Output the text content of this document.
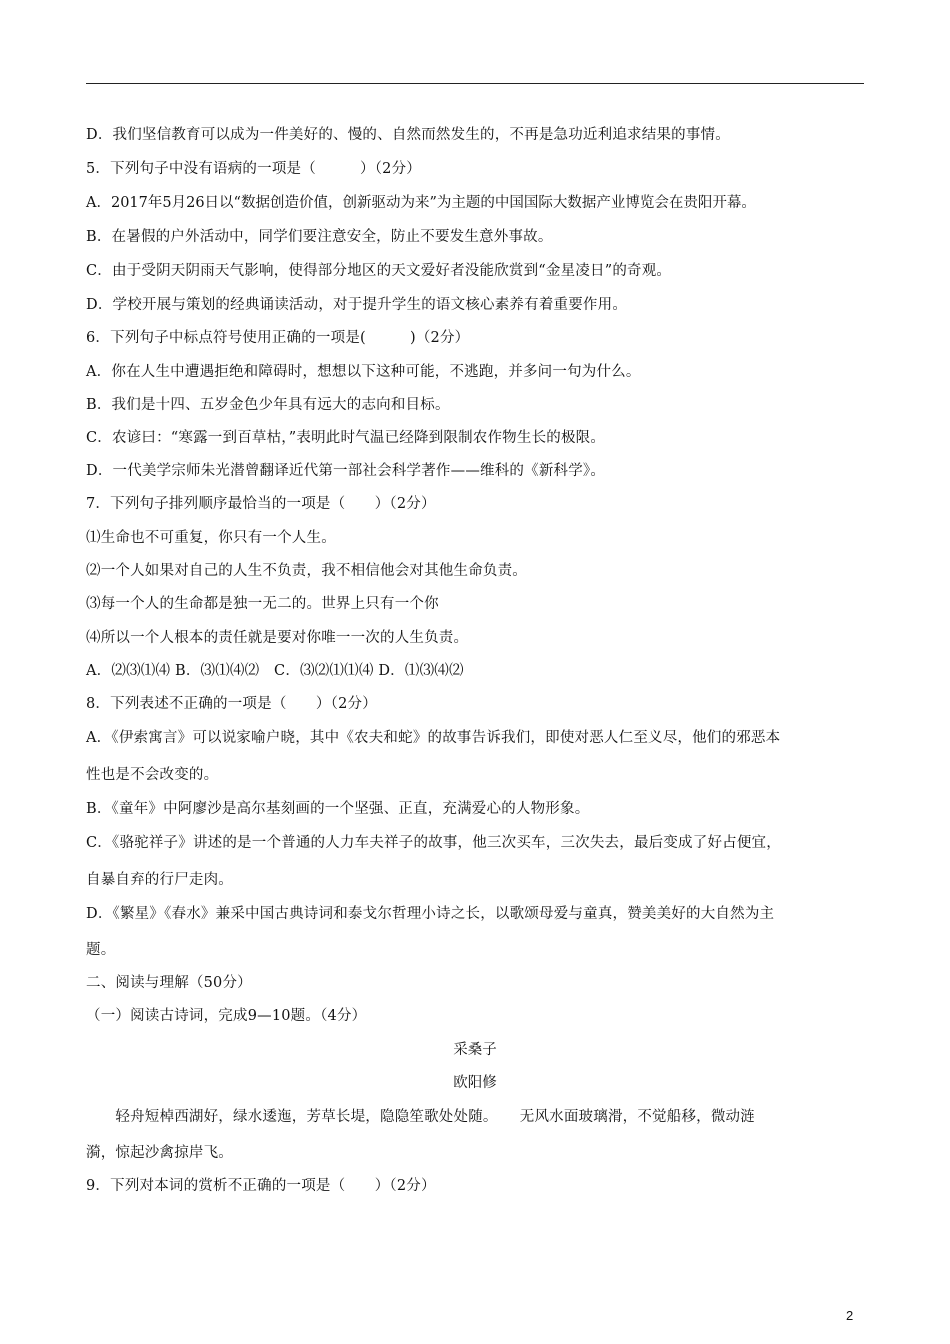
D．我们坚信教育可以成为一件美好的、慢的、自然而然发生的，不再是急功近利追求结果的事情。
5．下列句子中没有语病的一项是（　　　）（2分）
A．2017年5月26日以“数据创造价值，创新驱动为来”为主题的中国国际大数据产业博览会在贵阳开幕。
B．在暑假的户外活动中，同学们要注意安全，防止不要发生意外事故。
C．由于受阴天阴雨天气影响，使得部分地区的天文爱好者没能欣赏到“金星凌日”的奇观。
D．学校开展与策划的经典诵读活动，对于提升学生的语文核心素养有着重要作用。
6．下列句子中标点符号使用正确的一项是(　　　)（2分）
A．你在人生中遭遇拒绝和障碍时，想想以下这种可能，不逃跑，并多问一句为什么。
B．我们是十四、五岁金色少年具有远大的志向和目标。
C．农谚曰：“寒露一到百草枯，”表明此时气温已经降到限制农作物生长的极限。
D．一代美学宗师朱光潜曾翻译近代第一部社会科学著作——维科的《新科学》。
7．下列句子排列顺序最恰当的一项是（　　）（2分）
⑴生命也不可重复，你只有一个人生。
⑵一个人如果对自己的人生不负责，我不相信他会对其他生命负责。
⑶每一个人的生命都是独一无二的。世界上只有一个你
⑷所以一个人根本的责任就是要对你唯一一次的人生负责。
A．⑵⑶⑴⑷ B．⑶⑴⑷⑵　C．⑶⑵⑴⑴⑷ D．⑴⑶⑷⑵
8．下列表述不正确的一项是（　　）（2分）
A．《伊索寓言》可以说家喻户晓，其中《农夫和蛇》的故事告诉我们，即使对恶人仁至义尽，他们的邪恶本
性也是不会改变的。
B．《童年》中阿廖沙是高尔基刻画的一个坚强、正直，充满爱心的人物形象。
C．《骆驼祥子》讲述的是一个普通的人力车夫祥子的故事，他三次买车，三次失去，最后变成了好占便宜，
自暴自弃的行尸走肉。
D．《繁星》《春水》兼采中国古典诗词和泰戈尔哲理小诗之长，以歌颂母爱与童真，赞美美好的大自然为主
题。
二、阅读与理解（50分）
（一）阅读古诗词，完成9—10题。（4分）
采桑子
欧阳修
　　轻舟短棹西湖好，绿水逶迤，芳草长堤，隐隐笙歌处处随。　　无风水面玻璃滑，不觉船移，微动涟
漪，惊起沙禽掠岸飞。
9．下列对本词的赏析不正确的一项是（　　）（2分）
2
